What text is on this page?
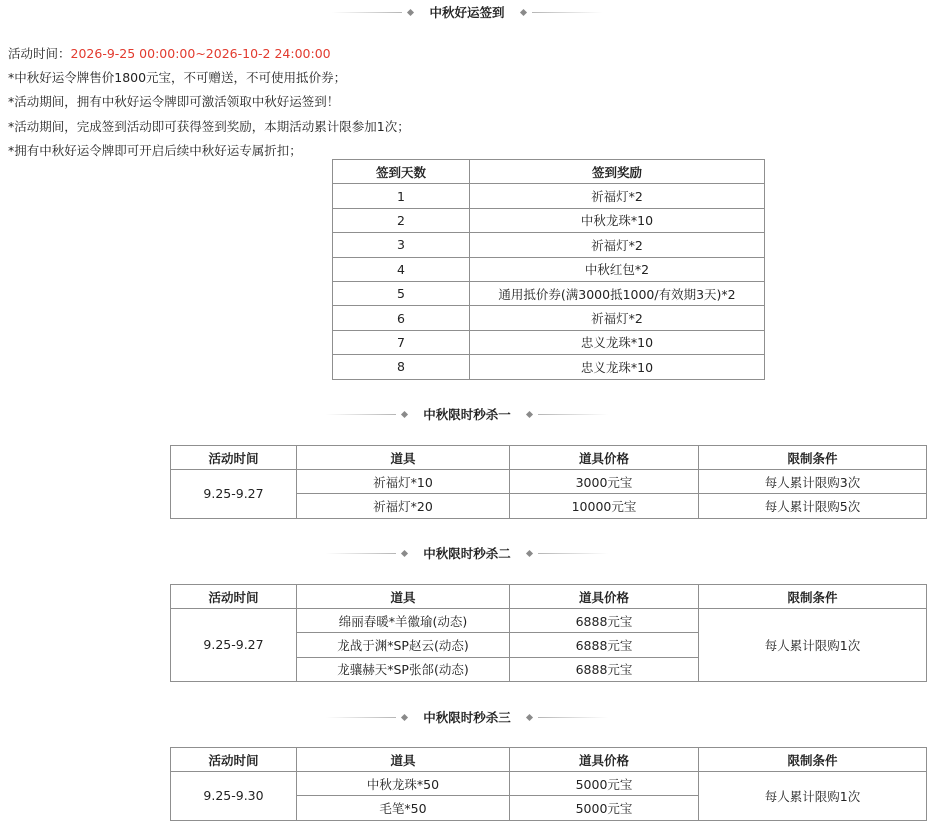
中秋好运签到
活动时间：2026-9-25 00:00:00~2026-10-2 24:00:00
*中秋好运令牌售价1800元宝，不可赠送，不可使用抵价券；
*活动期间，拥有中秋好运令牌即可激活领取中秋好运签到！
*活动期间，完成签到活动即可获得签到奖励，本期活动累计限参加1次；
*拥有中秋好运令牌即可开启后续中秋好运专属折扣；
签到天数	签到奖励
1	祈福灯*2
2	中秋龙珠*10
3	祈福灯*2
4	中秋红包*2
5	通用抵价券(满3000抵1000/有效期3天)*2
6	祈福灯*2
7	忠义龙珠*10
8	忠义龙珠*10
中秋限时秒杀一
活动时间	道具	道具价格	限制条件
9.25-9.27	祈福灯*10	3000元宝	每人累计限购3次
	祈福灯*20	10000元宝	每人累计限购5次
中秋限时秒杀二
活动时间	道具	道具价格	限制条件
9.25-9.27	绵丽春暖*羊徽瑜(动态)	6888元宝	每人累计限购1次
	龙战于渊*SP赵云(动态)	6888元宝	
	龙骧赫天*SP张郃(动态)	6888元宝	
中秋限时秒杀三
活动时间	道具	道具价格	限制条件
9.25-9.30	中秋龙珠*50	5000元宝	每人累计限购1次
	毛笔*50	5000元宝	
